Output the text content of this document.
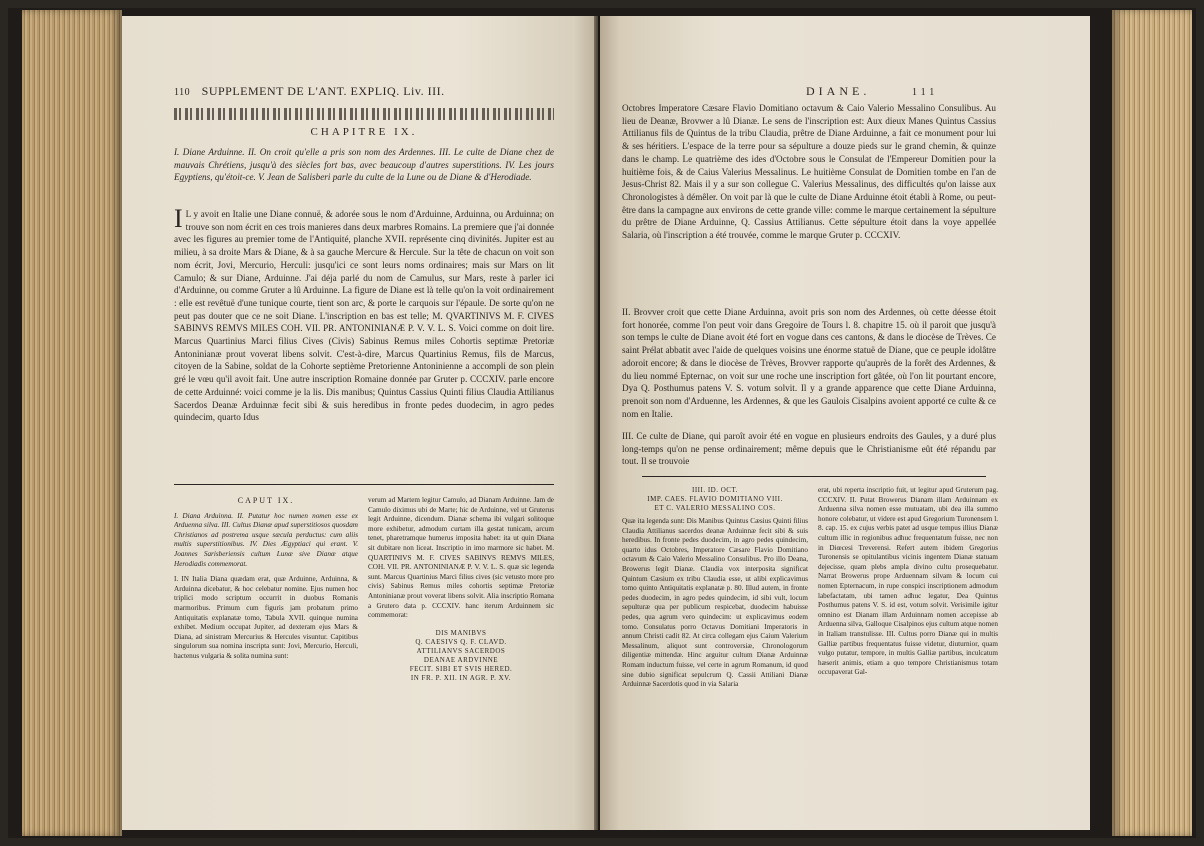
110 SUPPLEMENT DE L'ANT. EXPLIQ. Liv. III.
CHAPITRE IX.

I. Diane Arduinne. II. On croit qu'elle a pris son nom des Ardennes. III. Le culte de Diane chez de mauvais Chrétiens, jusqu'à des siècles fort bas, avec beaucoup d'autres superstitions. IV. Les jours Egyptiens, qu'étoit-ce. V. Jean de Salisberi parle du culte de la Lune ou de Diane & d'Herodiade.

I L y avoit en Italie une Diane connuë, & adorée sous le nom d'Arduinne, Arduinna, ou Arduinna; on trouve son nom écrit en ces trois manieres dans deux marbres Romains. La premiere que j'ai donnée avec les figures au premier tome de l'Antiquité, planche XVII. représente cinq divinités. Jupiter est au milieu, à sa droite Mars & Diane, & à sa gauche Mercure & Hercule. Sur la tête de chacun on voit son nom écrit, Jovi, Mercurio, Herculi: jusqu'ici ce sont leurs noms ordinaires; mais sur Mars on lit Camulo; & sur Diane, Arduinne. J'ai déja parlé du nom de Camulus, sur Mars, reste à parler ici d'Arduinne, ou comme Gruter a lû Arduinne. La figure de Diane est là telle qu'on la voit ordinairement : elle est revêtuë d'une tunique courte, tient son arc, & porte le carquois sur l'épaule. De sorte qu'on ne peut pas douter que ce ne soit Diane. L'inscription en bas est telle; M. QVARTINIVS M. F. CIVES SABINVS REMVS MILES COH. VII. PR. ANTONINIANÆ P. V. V. L. S. Voici comme on doit lire. Marcus Quartinius Marci filius Cives (Civis) Sabinus Remus miles Cohortis septimæ Pretoriæ Antoninianæ prout voverat libens solvit. C'est-à-dire, Marcus Quartinius Remus, fils de Marcus, citoyen de la Sabine, soldat de la Cohorte septième Pretorienne Antoninienne a accompli de son plein gré le vœu qu'il avoit fait. Une autre inscription Romaine donnée par Gruter p. CCCXIV. parle encore de cette Arduinné: voici comme je la lis. Dis manibus; Quintus Cassius Quinti filius Claudia Attilianus Sacerdos Deanæ Arduinnæ fecit sibi & suis heredibus in fronte pedes duodecim, in agro pedes quindecim, quarto Idus

CAPUT IX.

I. Diana Arduinna. II. Putatur hoc numen nomen esse ex Arduenna silva. III. Cultus Dianæ apud superstitiosos quosdam Christianos ad postrema usque sæcula perductus: cum aliis multis superstitionibus. IV. Dies Ægyptiaci qui erant. V. Joannes Sarisberiensis cultum Lunæ sive Dianæ atque Herodiadis commemorat.

I. IN Italia Diana quædam erat, quæ Arduinne, Arduinna, & Arduinna dicebatur, & hoc celebatur nomine. Ejus numen hoc triplici modo scriptum occurrit in duobus Romanis marmoribus. Primum cum figuris jam probatum primo Antiquitatis explanatæ tomo, Tabula XVII. quinque numina exhibet. Medium occupat Jupiter, ad dexteram ejus Mars & Diana, ad sinistram Mercurius & Hercules visuntur. Capitibus singulorum sua nomina inscripta sunt: Jovi, Mercurio, Herculi, hactenus vulgaria & solita numina sunt:

verum ad Martem legitur Camulo, ad Dianam Arduinne. Jam de Camulo diximus ubi de Marte; hic de Arduinne, vel ut Gruterus legit Arduinne, dicendum. Dianæ schema ibi vulgari solitoque more exhibetur, admodum curtam illa gestat tunicam, arcum tenet, pharetramque humerus imposita habet: ita ut quin Diana sit dubitare non liceat. Inscriptio in imo marmore sic habet. M. QUARTINIVS M. F. CIVES SABINVS REMVS MILES, COH. VII. PR. ANTONINIANÆ P. V. V. L. S. quæ sic legenda sunt. Marcus Quartinius Marci filius cives (sic vetusto more pro civis) Sabinus Remus miles cohortis septimæ Pretoriæ Antoninianæ prout voverat libens solvit. Alia inscriptio Romana a Grutero data p. CCCXIV. hanc iterum Arduinnem sic commemorat:

DIS MANIBVS
Q. CAESIVS Q. F. CLAVD.
ATTILIANVS SACERDOS
DEANAE ARDVINNE
FECIT. SIBI ET SVIS HERED.
IN FR. P. XII. IN AGR. P. XV.
DIANE.	111

Octobres Imperatore Cæsare Flavio Domitiano octavum & Caio Valerio Messalino Consulibus. Au lieu de Deanæ, Brovwer a lû Dianæ. Le sens de l'inscription est: Aux dieux Manes Quintus Cassius Attilianus fils de Quintus de la tribu Claudia, prêtre de Diane Arduinne, a fait ce monument pour lui & ses héritiers. L'espace de la terre pour sa sépulture a douze pieds sur le grand chemin, & quinze dans le champ. Le quatrième des ides d'Octobre sous le Consulat de l'Empereur Domitien pour la huitième fois, & de Caius Valerius Messalinus. Le huitième Consulat de Domitien tombe en l'an de Jesus-Christ 82. Mais il y a sur son collegue C. Valerius Messalinus, des difficultés qu'on laisse aux Chronologistes à démêler. On voit par là que le culte de Diane Arduinne étoit établi à Rome, ou peut-être dans la campagne aux environs de cette grande ville: comme le marque certainement la sépulture du prêtre de Diane Arduinne, Q. Cassius Attilianus. Cette sépulture étoit dans la voye appellée Salaria, où l'inscription a été trouvée, comme le marque Gruter p. CCCXIV.

II. Brovver croit que cette Diane Arduinna, avoit pris son nom des Ardennes, où cette déesse étoit fort honorée, comme l'on peut voir dans Gregoire de Tours l. 8. chapitre 15. où il paroit que jusqu'à son temps le culte de Diane avoit été fort en vogue dans ces cantons, & dans le diocèse de Trèves. Ce saint Prélat abbatit avec l'aide de quelques voisins une énorme statuë de Diane, que ce peuple idolâtre adoroit encore; & dans le diocèse de Trèves, Brovver rapporte qu'auprès de la forêt des Ardennes, & du lieu nommé Epternac, on voit sur une roche une inscription fort gâtée, où l'on lit pourtant encore, Dya Q. Posthumus patens V. S. votum solvit. Il y a grande apparence que cette Diane Arduinna, prenoit son nom d'Arduenne, les Ardennes, & que les Gaulois Cisalpins avoient apporté ce culte & ce nom en Italie.

III. Ce culte de Diane, qui paroît avoir été en vogue en plusieurs endroits des Gaules, y a duré plus long-temps qu'on ne pense ordinairement; même depuis que le Christianisme eût été répandu par tout. Il se trouvoie

IIII. ID. OCT.
IMP. CAES. FLAVIO DOMITIANO VIII.
ET C. VALERIO MESSALINO COS.

Quæ ita legenda sunt: Dis Manibus Quintus Cæsius Quinti filius Claudia Attilianus sacerdos deanæ Arduinnæ fecit sibi & suis heredibus. In fronte pedes duodecim, in agro pedes quindecim, quarto idus Octobres, Imperatore Cæsare Flavio Domitiano octavum & Caio Valerio Messalino Consulibus. Pro illo Deana, Browerus legit Dianæ. Claudia vox interposita significat Quintum Cæsium ex tribu Claudia esse, ut alibi explicavimus tomo quinto Antiquitatis explanatæ p. 80. Illud autem, in fronte pedes duodecim, in agro pedes quindecim, id sibi vult, locum sepulturæ qua per publicum respicebat, duodecim habuisse pedes, qua agrum vero quindecim: ut explicavimus eodem tomo. Consulatus porro Octavus Domitiani Imperatoris in annum Christi cadit 82. At circa collegam ejus Caium Valerium Messalinum, aliquot sunt controversiæ, Chronologorum diligentiæ mittendæ. Hinc arguitur cultum Dianæ Arduinnæ Romam inductum fuisse, vel certe in agrum Romanum, id quod sine dubio significat sepulcrum Q. Cassii Attiliani Dianæ Arduinnæ Sacerdotis quod in via Salaria

erat, ubi reperta inscriptio fuit, ut legitur apud Gruterum pag. CCCXIV. II. Putat Browerus Dianam illam Arduinnam ex Arduenna silva nomen esse mutuatam, ubi dea illa summo honore colebatur, ut videre est apud Gregorium Turonensem l. 8. cap. 15. ex cujus verbis patet ad usque tempus illius Dianæ cultum illic in regionibus adhuc frequentatum fuisse, nec non in Diœcesi Treverensi. Refert autem ibidem Gregorius Turonensis se opitulantibus vicinis ingentem Dianæ statuam dejecisse, quam plebs ampla divino cultu prosequebatur. Narrat Browerus prope Arduennam silvam & locum cui nomen Epternacum, in rupe conspici inscriptionem admodum labefactatam, ubi tamen adhuc legatur, Dea Quintus Posthumus patens V. S. id est, votum solvit. Verisimile igitur omnino est Dianam illam Arduinnam nomen accepisse ab Arduenna silva, Galloque Cisalpinos ejus cultum atque nomen in Italiam transtulisse. III. Cultus porro Dianæ qui in multis Galliæ partibus frequentatus fuisse videtur, diuturnior, quam vulgo putatur, tempore, in multis Galliæ partibus, inculcatum hæserit animis, etiam a quo tempore Christianismus totam occupaverat Gal-
